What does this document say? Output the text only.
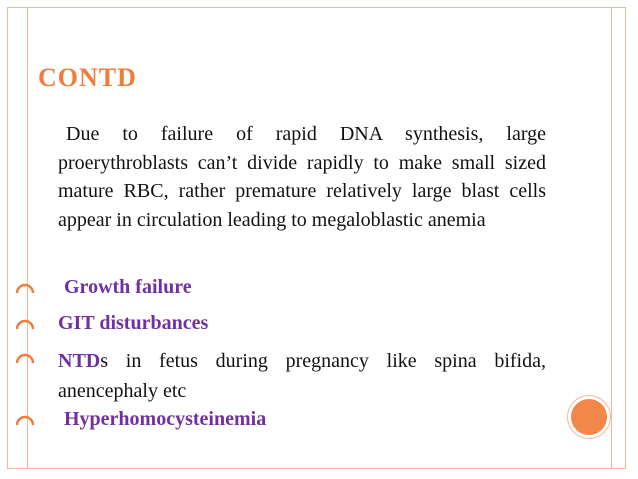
CONTD

Due to failure of rapid DNA synthesis, large proerythroblasts can’t divide rapidly to make small sized mature RBC, rather premature relatively large blast cells appear in circulation leading to megaloblastic anemia

Growth failure

GIT disturbances

NTDs in fetus during pregnancy like spina bifida, anencephaly etc

Hyperhomocysteinemia
